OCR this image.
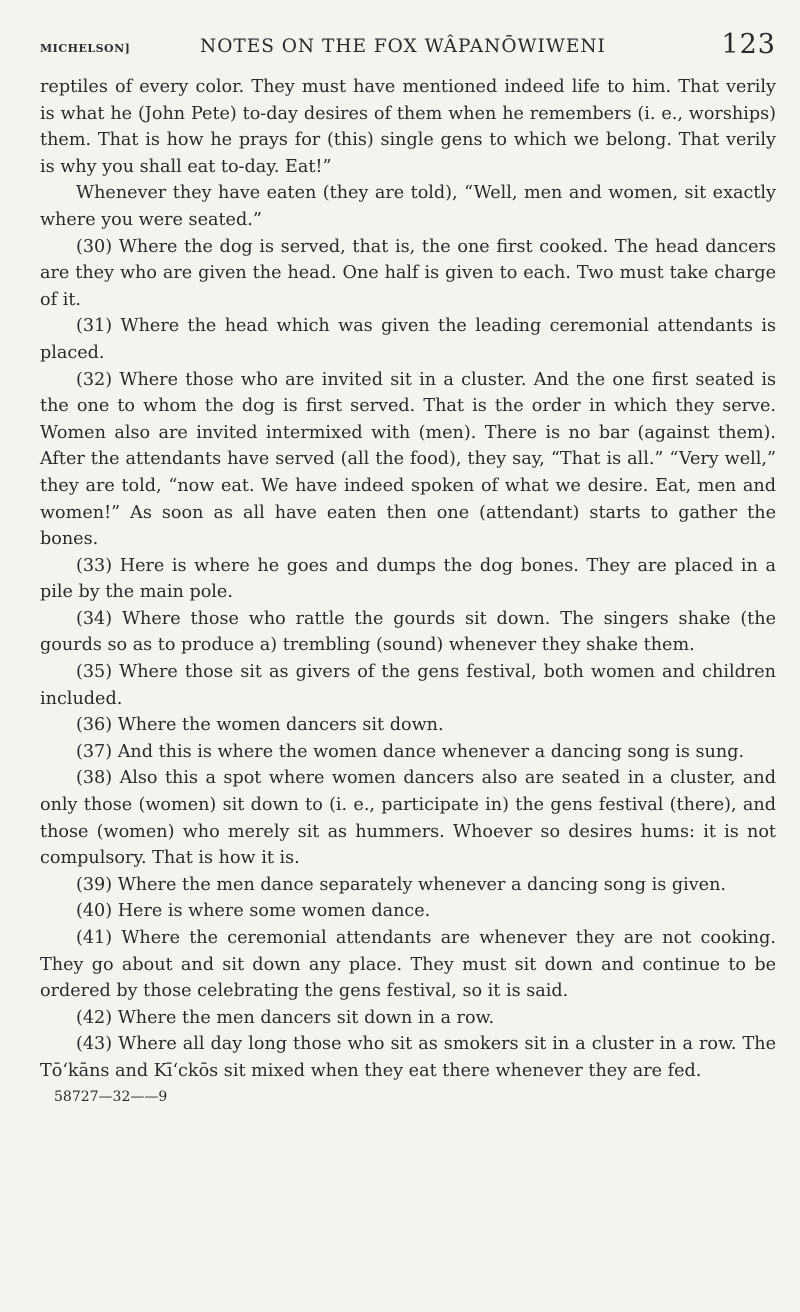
MICHELSON]	NOTES ON THE FOX WÂPANŌWIWENI	123

reptiles of every color. They must have mentioned indeed life to him. That verily is what he (John Pete) to-day desires of them when he remembers (i. e., worships) them. That is how he prays for (this) single gens to which we belong. That verily is why you shall eat to-day. Eat!”

Whenever they have eaten (they are told), “Well, men and women, sit exactly where you were seated.”

(30) Where the dog is served, that is, the one first cooked. The head dancers are they who are given the head. One half is given to each. Two must take charge of it.

(31) Where the head which was given the leading ceremonial attendants is placed.

(32) Where those who are invited sit in a cluster. And the one first seated is the one to whom the dog is first served. That is the order in which they serve. Women also are invited intermixed with (men). There is no bar (against them). After the attendants have served (all the food), they say, “That is all.” “Very well,” they are told, “now eat. We have indeed spoken of what we desire. Eat, men and women!” As soon as all have eaten then one (attendant) starts to gather the bones.

(33) Here is where he goes and dumps the dog bones. They are placed in a pile by the main pole.

(34) Where those who rattle the gourds sit down. The singers shake (the gourds so as to produce a) trembling (sound) whenever they shake them.

(35) Where those sit as givers of the gens festival, both women and children included.

(36) Where the women dancers sit down.

(37) And this is where the women dance whenever a dancing song is sung.

(38) Also this a spot where women dancers also are seated in a cluster, and only those (women) sit down to (i. e., participate in) the gens festival (there), and those (women) who merely sit as hummers. Whoever so desires hums: it is not compulsory. That is how it is.

(39) Where the men dance separately whenever a dancing song is given.

(40) Here is where some women dance.

(41) Where the ceremonial attendants are whenever they are not cooking. They go about and sit down any place. They must sit down and continue to be ordered by those celebrating the gens festival, so it is said.

(42) Where the men dancers sit down in a row.

(43) Where all day long those who sit as smokers sit in a cluster in a row. The Tō‘kāns and Kī‘ckōs sit mixed when they eat there whenever they are fed.

58727—32——9
